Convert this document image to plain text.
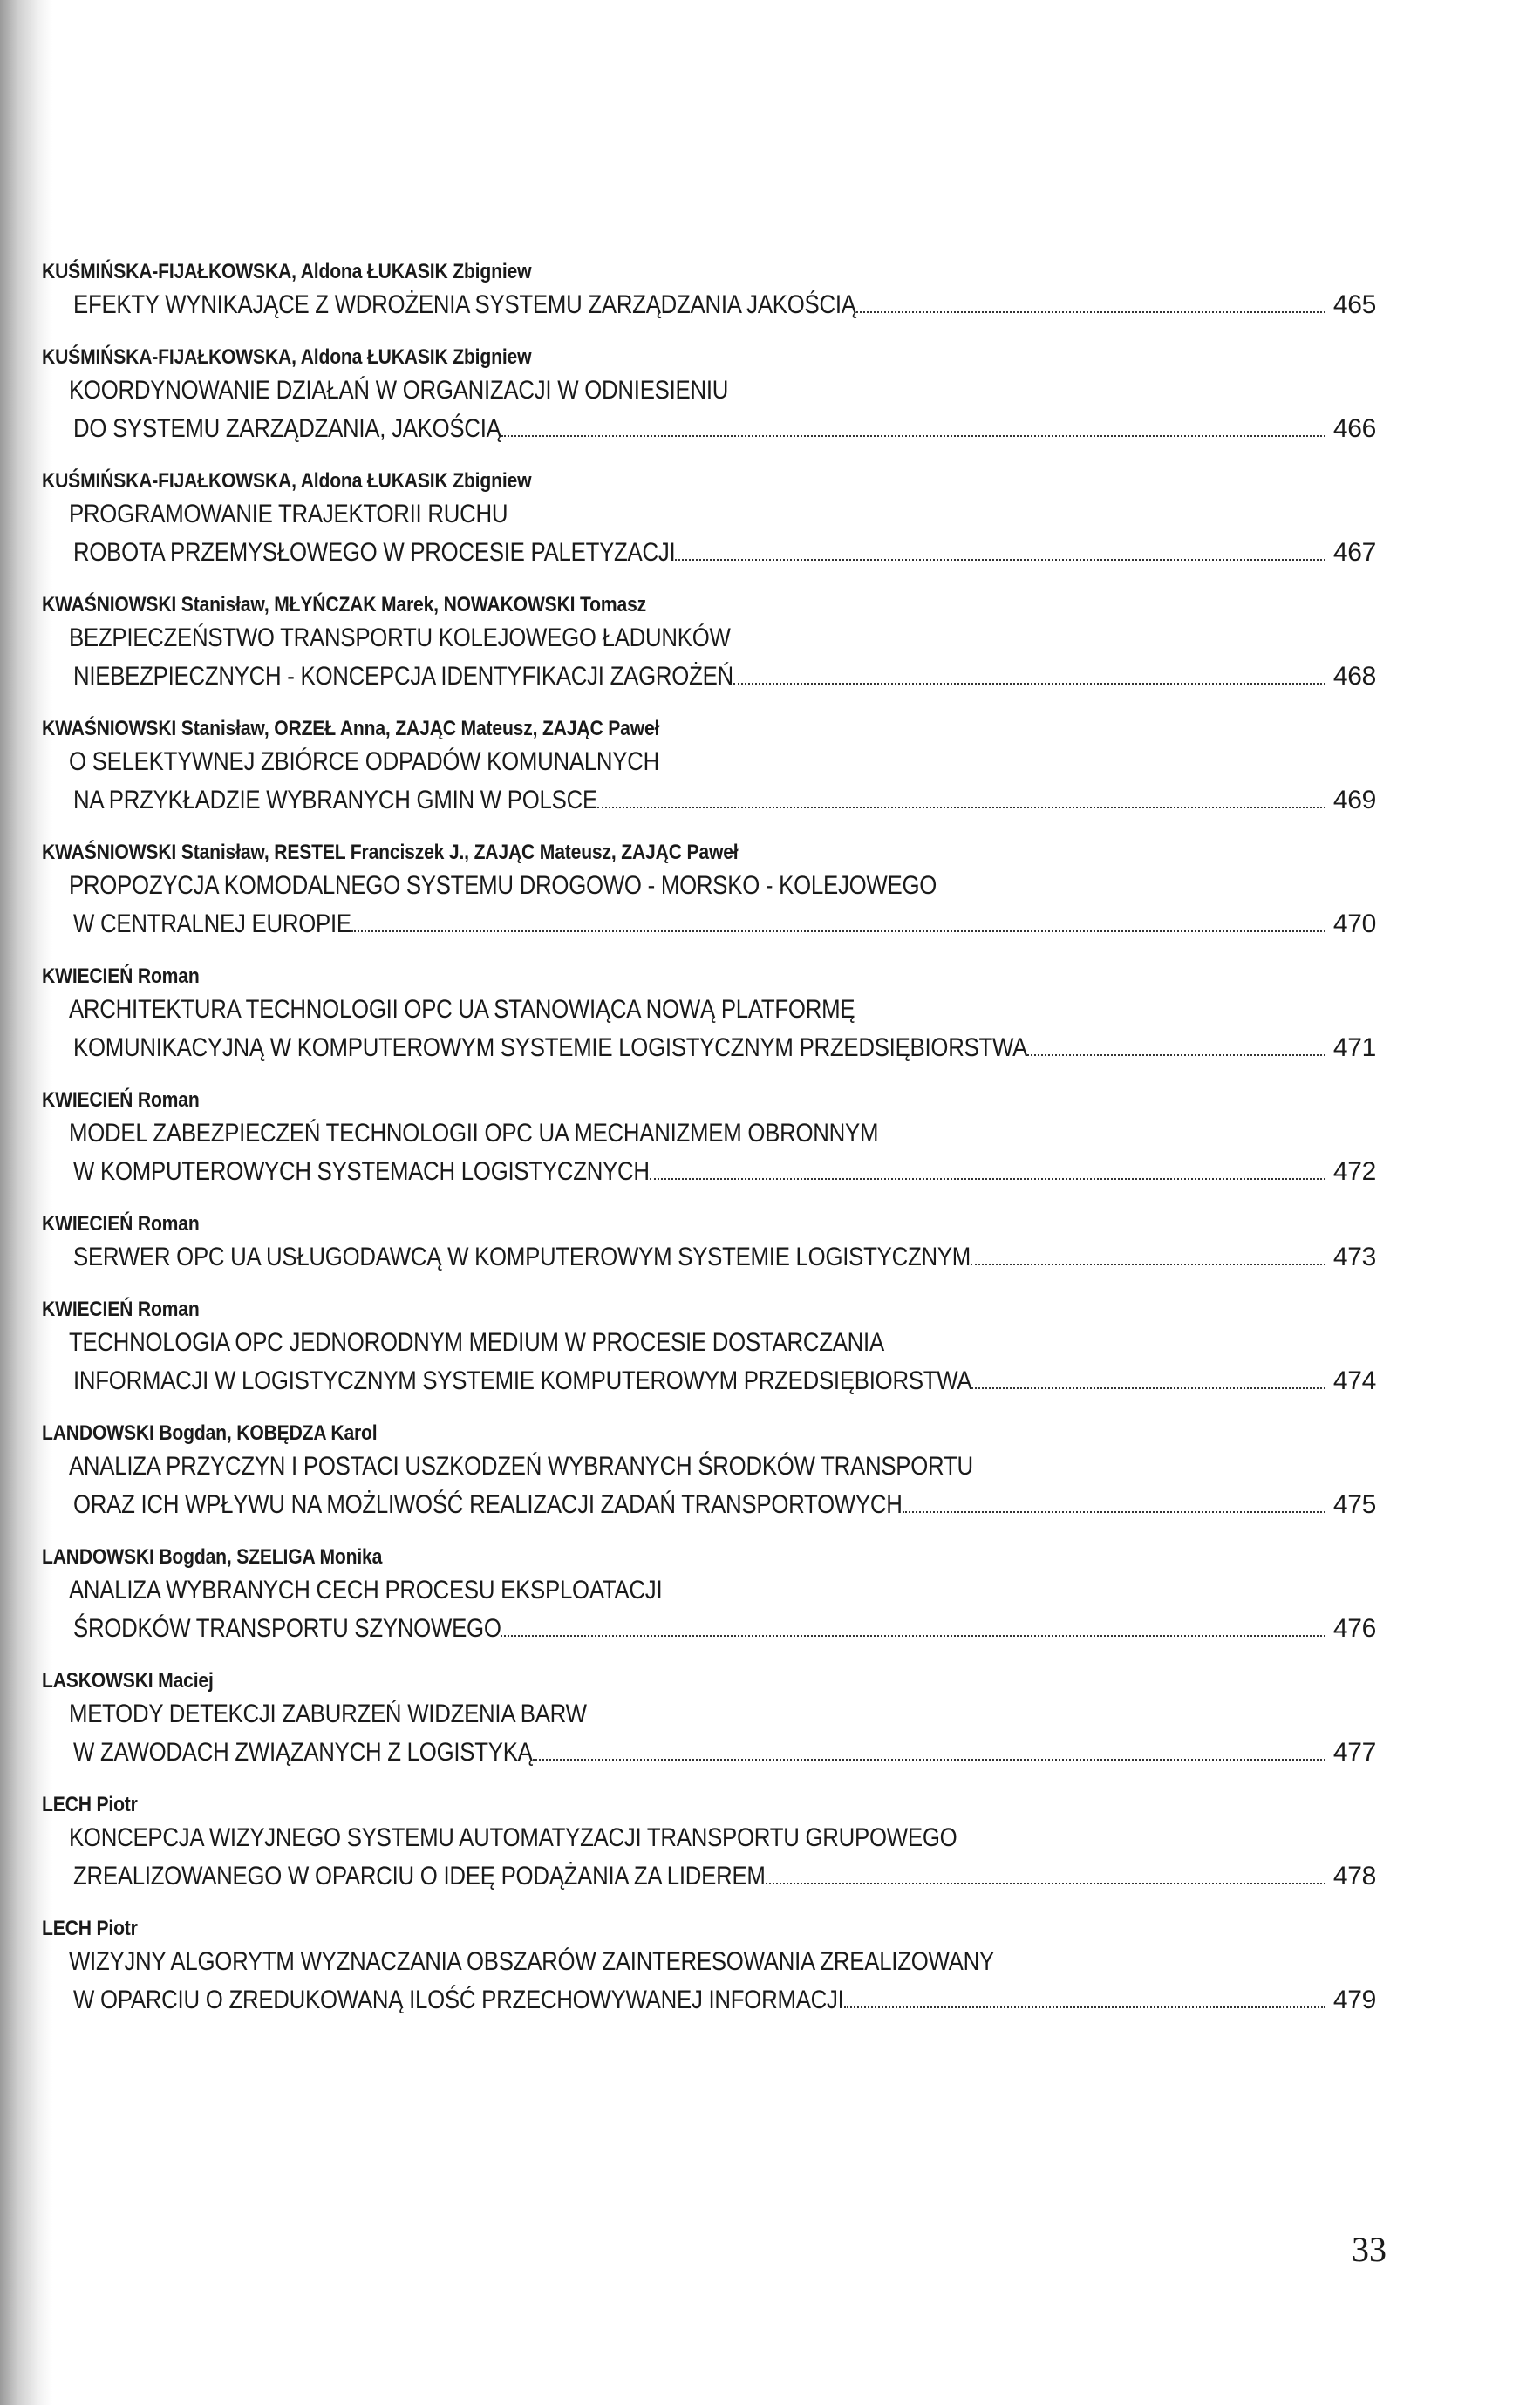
KUŚMIŃSKA-FIJAŁKOWSKA, Aldona ŁUKASIK Zbigniew
EFEKTY WYNIKAJĄCE Z WDROŻENIA SYSTEMU ZARZĄDZANIA JAKOŚCIĄ	465
KUŚMIŃSKA-FIJAŁKOWSKA, Aldona ŁUKASIK Zbigniew
KOORDYNOWANIE DZIAŁAŃ W ORGANIZACJI W ODNIESIENIU
DO SYSTEMU ZARZĄDZANIA, JAKOŚCIĄ	466
KUŚMIŃSKA-FIJAŁKOWSKA, Aldona ŁUKASIK Zbigniew
PROGRAMOWANIE TRAJEKTORII RUCHU
ROBOTA PRZEMYSŁOWEGO W PROCESIE PALETYZACJI	467
KWAŚNIOWSKI Stanisław, MŁYŃCZAK Marek, NOWAKOWSKI Tomasz
BEZPIECZEŃSTWO TRANSPORTU KOLEJOWEGO ŁADUNKÓW
NIEBEZPIECZNYCH - KONCEPCJA IDENTYFIKACJI ZAGROŻEŃ	468
KWAŚNIOWSKI Stanisław, ORZEŁ Anna, ZAJĄC Mateusz, ZAJĄC Paweł
O SELEKTYWNEJ ZBIÓRCE ODPADÓW KOMUNALNYCH
NA PRZYKŁADZIE WYBRANYCH GMIN W POLSCE	469
KWAŚNIOWSKI Stanisław, RESTEL Franciszek J., ZAJĄC Mateusz, ZAJĄC Paweł
PROPOZYCJA KOMODALNEGO SYSTEMU DROGOWO - MORSKO - KOLEJOWEGO
W CENTRALNEJ EUROPIE	470
KWIECIEŃ Roman
ARCHITEKTURA TECHNOLOGII OPC UA STANOWIĄCA NOWĄ PLATFORMĘ
KOMUNIKACYJNĄ W KOMPUTEROWYM SYSTEMIE LOGISTYCZNYM PRZEDSIĘBIORSTWA	471
KWIECIEŃ Roman
MODEL ZABEZPIECZEŃ TECHNOLOGII OPC UA MECHANIZMEM OBRONNYM
W KOMPUTEROWYCH SYSTEMACH LOGISTYCZNYCH	472
KWIECIEŃ Roman
SERWER OPC UA USŁUGODAWCĄ W KOMPUTEROWYM SYSTEMIE LOGISTYCZNYM	473
KWIECIEŃ Roman
TECHNOLOGIA OPC JEDNORODNYM MEDIUM W PROCESIE DOSTARCZANIA
INFORMACJI W LOGISTYCZNYM SYSTEMIE KOMPUTEROWYM PRZEDSIĘBIORSTWA	474
LANDOWSKI Bogdan, KOBĘDZA Karol
ANALIZA PRZYCZYN I POSTACI USZKODZEŃ WYBRANYCH ŚRODKÓW TRANSPORTU
ORAZ ICH WPŁYWU NA MOŻLIWOŚĆ REALIZACJI ZADAŃ TRANSPORTOWYCH	475
LANDOWSKI Bogdan, SZELIGA Monika
ANALIZA WYBRANYCH CECH PROCESU EKSPLOATACJI
ŚRODKÓW TRANSPORTU SZYNOWEGO	476
LASKOWSKI Maciej
METODY DETEKCJI ZABURZEŃ WIDZENIA BARW
W ZAWODACH ZWIĄZANYCH Z LOGISTYKĄ	477
LECH Piotr
KONCEPCJA WIZYJNEGO SYSTEMU AUTOMATYZACJI TRANSPORTU GRUPOWEGO
ZREALIZOWANEGO W OPARCIU O IDEĘ PODĄŻANIA ZA LIDEREM	478
LECH Piotr
WIZYJNY ALGORYTM WYZNACZANIA OBSZARÓW ZAINTERESOWANIA ZREALIZOWANY
W OPARCIU O ZREDUKOWANĄ ILOŚĆ PRZECHOWYWANEJ INFORMACJI	479
33
